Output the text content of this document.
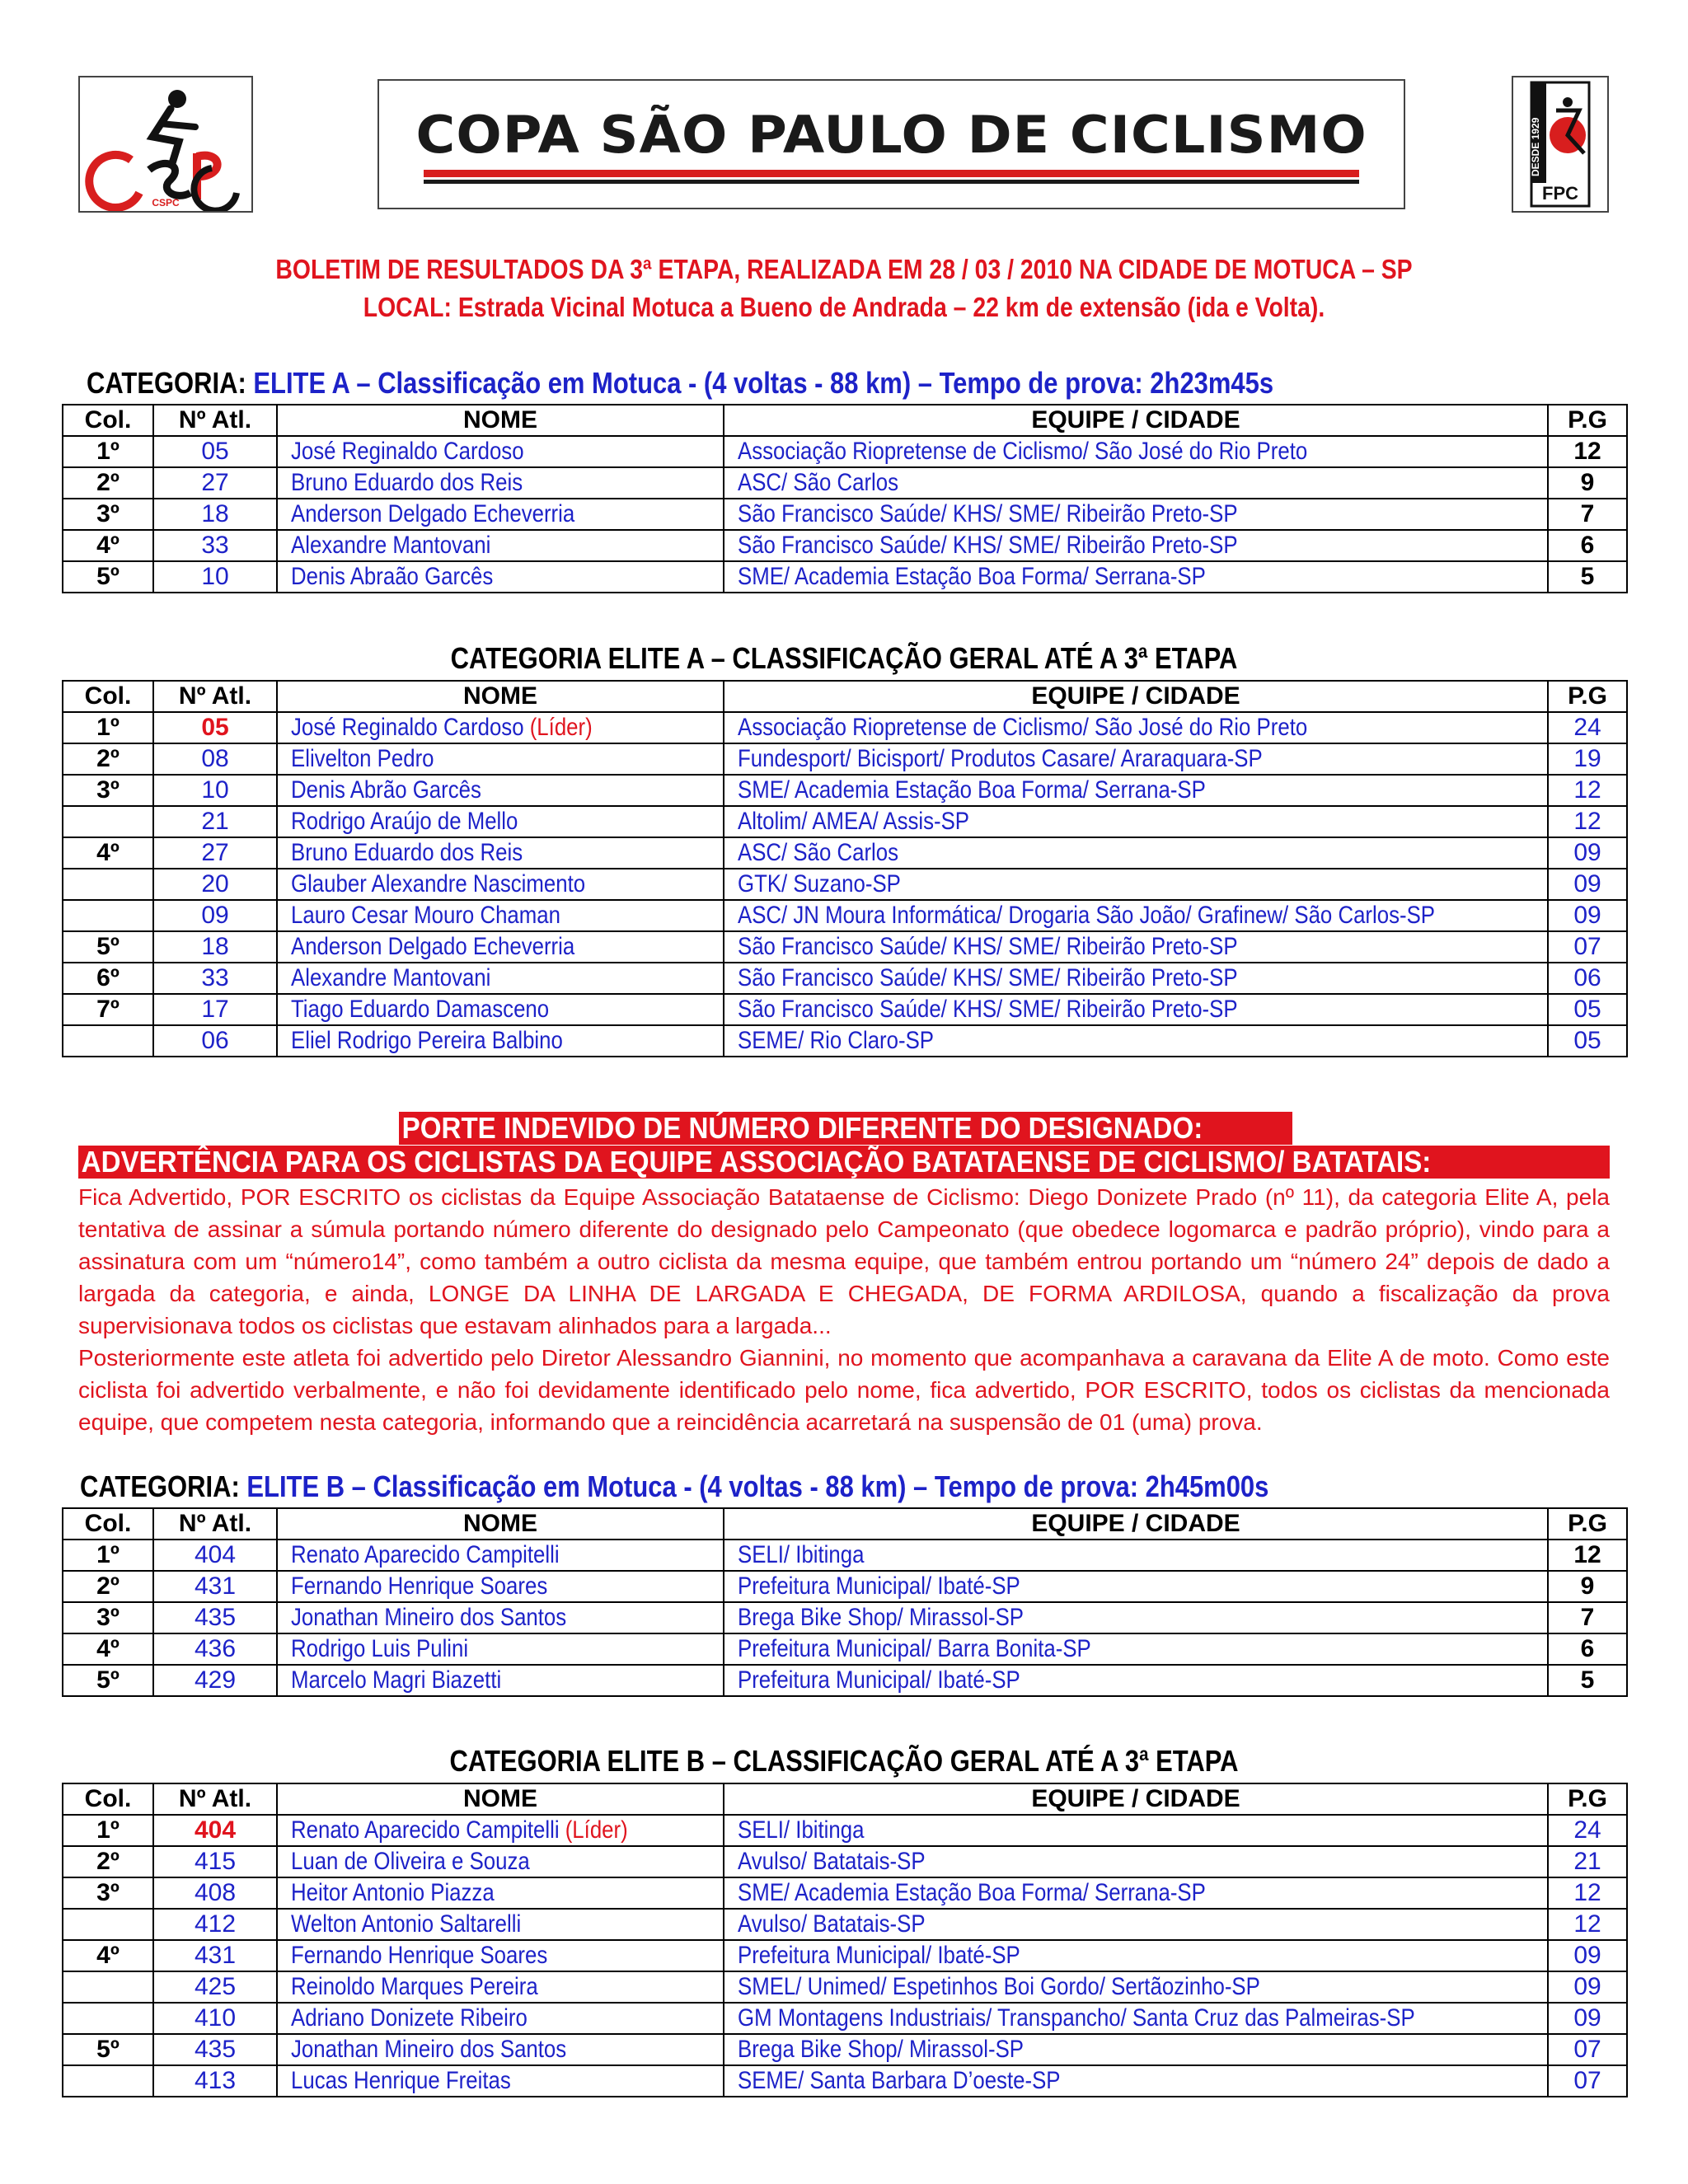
CSPC
COPA SÃO PAULO DE CICLISMO	DESDE 1929
FPC
BOLETIM DE RESULTADOS DA 3ª ETAPA, REALIZADA EM 28 / 03 / 2010 NA CIDADE DE MOTUCA – SP
LOCAL: Estrada Vicinal Motuca a Bueno de Andrada – 22 km de extensão (ida e Volta).
CATEGORIA: ELITE A – Classificação em Motuca - (4 voltas - 88 km) – Tempo de prova: 2h23m45s
Col.	Nº Atl.	NOME	EQUIPE / CIDADE	P.G
1º	05	José Reginaldo Cardoso	Associação Riopretense de Ciclismo/ São José do Rio Preto	12
2º	27	Bruno Eduardo dos Reis	ASC/ São Carlos	9
3º	18	Anderson Delgado Echeverria	São Francisco Saúde/ KHS/ SME/ Ribeirão Preto-SP	7
4º	33	Alexandre Mantovani	São Francisco Saúde/ KHS/ SME/ Ribeirão Preto-SP	6
5º	10	Denis Abraão Garcês	SME/ Academia Estação Boa Forma/ Serrana-SP	5
CATEGORIA ELITE A – CLASSIFICAÇÃO GERAL ATÉ A 3ª ETAPA
Col.	Nº Atl.	NOME	EQUIPE / CIDADE	P.G
1º	05	José Reginaldo Cardoso (Líder)	Associação Riopretense de Ciclismo/ São José do Rio Preto	24
2º	08	Elivelton Pedro	Fundesport/ Bicisport/ Produtos Casare/ Araraquara-SP	19
3º	10	Denis Abrão Garcês	SME/ Academia Estação Boa Forma/ Serrana-SP	12
	21	Rodrigo Araújo de Mello	Altolim/ AMEA/ Assis-SP	12
4º	27	Bruno Eduardo dos Reis	ASC/ São Carlos	09
	20	Glauber Alexandre Nascimento	GTK/ Suzano-SP	09
	09	Lauro Cesar Mouro Chaman	ASC/ JN Moura Informática/ Drogaria São João/ Grafinew/ São Carlos-SP	09
5º	18	Anderson Delgado Echeverria	São Francisco Saúde/ KHS/ SME/ Ribeirão Preto-SP	07
6º	33	Alexandre Mantovani	São Francisco Saúde/ KHS/ SME/ Ribeirão Preto-SP	06
7º	17	Tiago Eduardo Damasceno	São Francisco Saúde/ KHS/ SME/ Ribeirão Preto-SP	05
	06	Eliel Rodrigo Pereira Balbino	SEME/ Rio Claro-SP	05
PORTE INDEVIDO DE NÚMERO DIFERENTE DO DESIGNADO:
ADVERTÊNCIA PARA OS CICLISTAS DA EQUIPE ASSOCIAÇÃO BATATAENSE DE CICLISMO/ BATATAIS:

Fica Advertido, POR ESCRITO os ciclistas da Equipe Associação Batataense de Ciclismo: Diego Donizete Prado (nº 11), da categoria Elite A, pela tentativa de assinar a súmula portando número diferente do designado pelo Campeonato (que obedece logomarca e padrão próprio), vindo para a assinatura com um “número14”, como também a outro ciclista da mesma equipe, que também entrou portando um “número 24” depois de dado a largada da categoria, e ainda, LONGE DA LINHA DE LARGADA E CHEGADA, DE FORMA ARDILOSA, quando a fiscalização da prova supervisionava todos os ciclistas que estavam alinhados para a largada...

Posteriormente este atleta foi advertido pelo Diretor Alessandro Giannini, no momento que acompanhava a caravana da Elite A de moto. Como este ciclista foi advertido verbalmente, e não foi devidamente identificado pelo nome, fica advertido, POR ESCRITO, todos os ciclistas da mencionada equipe, que competem nesta categoria, informando que a reincidência acarretará na suspensão de 01 (uma) prova.

CATEGORIA: ELITE B – Classificação em Motuca - (4 voltas - 88 km) – Tempo de prova: 2h45m00s
Col.	Nº Atl.	NOME	EQUIPE / CIDADE	P.G
1º	404	Renato Aparecido Campitelli	SELI/ Ibitinga	12
2º	431	Fernando Henrique Soares	Prefeitura Municipal/ Ibaté-SP	9
3º	435	Jonathan Mineiro dos Santos	Brega Bike Shop/ Mirassol-SP	7
4º	436	Rodrigo Luis Pulini	Prefeitura Municipal/ Barra Bonita-SP	6
5º	429	Marcelo Magri Biazetti	Prefeitura Municipal/ Ibaté-SP	5
CATEGORIA ELITE B – CLASSIFICAÇÃO GERAL ATÉ A 3ª ETAPA
Col.	Nº Atl.	NOME	EQUIPE / CIDADE	P.G
1º	404	Renato Aparecido Campitelli (Líder)	SELI/ Ibitinga	24
2º	415	Luan de Oliveira e Souza	Avulso/ Batatais-SP	21
3º	408	Heitor Antonio Piazza	SME/ Academia Estação Boa Forma/ Serrana-SP	12
	412	Welton Antonio Saltarelli	Avulso/ Batatais-SP	12
4º	431	Fernando Henrique Soares	Prefeitura Municipal/ Ibaté-SP	09
	425	Reinoldo Marques Pereira	SMEL/ Unimed/ Espetinhos Boi Gordo/ Sertãozinho-SP	09
	410	Adriano Donizete Ribeiro	GM Montagens Industriais/ Transpancho/ Santa Cruz das Palmeiras-SP	09
5º	435	Jonathan Mineiro dos Santos	Brega Bike Shop/ Mirassol-SP	07
	413	Lucas Henrique Freitas	SEME/ Santa Barbara D’oeste-SP	07
